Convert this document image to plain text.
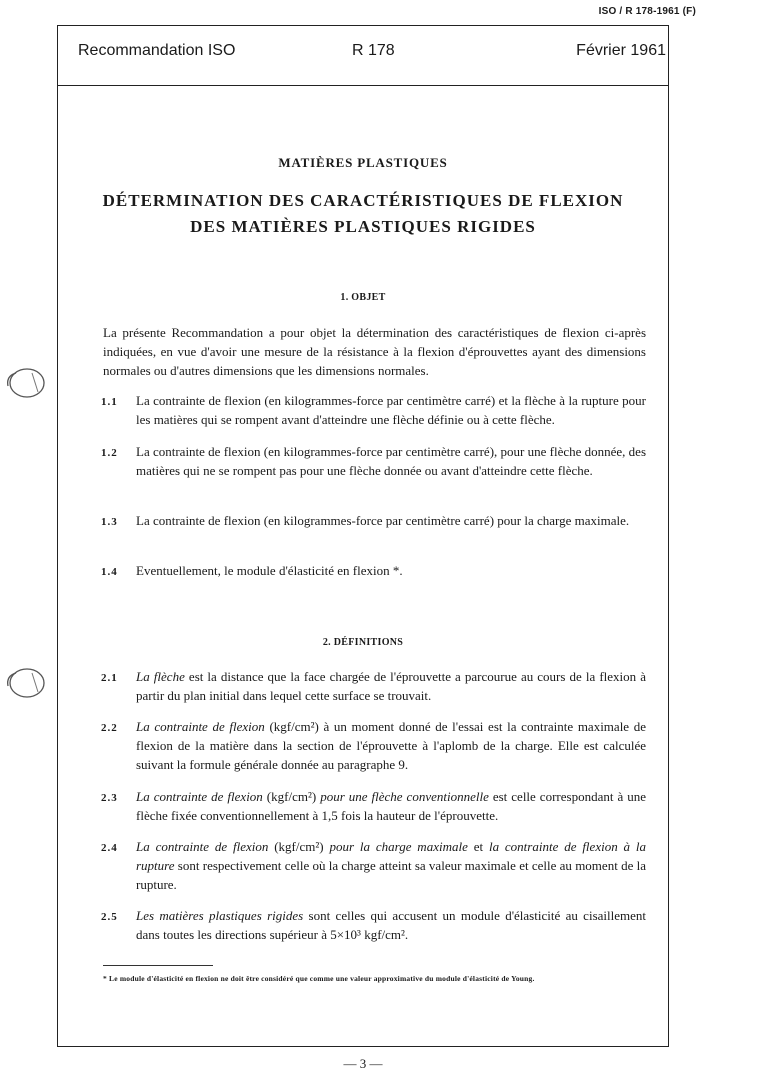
ISO / R 178-1961 (F)
Recommandation ISO	R 178	Février 1961
MATIÈRES PLASTIQUES
DÉTERMINATION DES CARACTÉRISTIQUES DE FLEXION
DES MATIÈRES PLASTIQUES RIGIDES
1. OBJET

La présente Recommandation a pour objet la détermination des caractéristiques de flexion ci-après indiquées, en vue d'avoir une mesure de la résistance à la flexion d'éprouvettes ayant des dimensions normales ou d'autres dimensions que les dimensions normales.

1.1 La contrainte de flexion (en kilogrammes-force par centimètre carré) et la flèche à la rupture pour les matières qui se rompent avant d'atteindre une flèche définie ou à cette flèche.

1.2 La contrainte de flexion (en kilogrammes-force par centimètre carré), pour une flèche donnée, des matières qui ne se rompent pas pour une flèche donnée ou avant d'atteindre cette flèche.

1.3 La contrainte de flexion (en kilogrammes-force par centimètre carré) pour la charge maximale.

1.4 Eventuellement, le module d'élasticité en flexion *.

2. DÉFINITIONS
2.1 La flèche est la distance que la face chargée de l'éprouvette a parcourue au cours de la flexion à partir du plan initial dans lequel cette surface se trouvait.

2.2 La contrainte de flexion (kgf/cm²) à un moment donné de l'essai est la contrainte maximale de flexion de la matière dans la section de l'éprouvette à l'aplomb de la charge. Elle est calculée suivant la formule générale donnée au paragraphe 9.

2.3 La contrainte de flexion (kgf/cm²) pour une flèche conventionnelle est celle correspondant à une flèche fixée conventionnellement à 1,5 fois la hauteur de l'éprouvette.

2.4 La contrainte de flexion (kgf/cm²) pour la charge maximale et la contrainte de flexion à la rupture sont respectivement celle où la charge atteint sa valeur maximale et celle au moment de la rupture.

2.5 Les matières plastiques rigides sont celles qui accusent un module d'élasticité au cisaillement dans toutes les directions supérieur à 5×10³ kgf/cm².

* Le module d'élasticité en flexion ne doit être considéré que comme une valeur approximative du module d'élasticité de Young.
— 3 —
